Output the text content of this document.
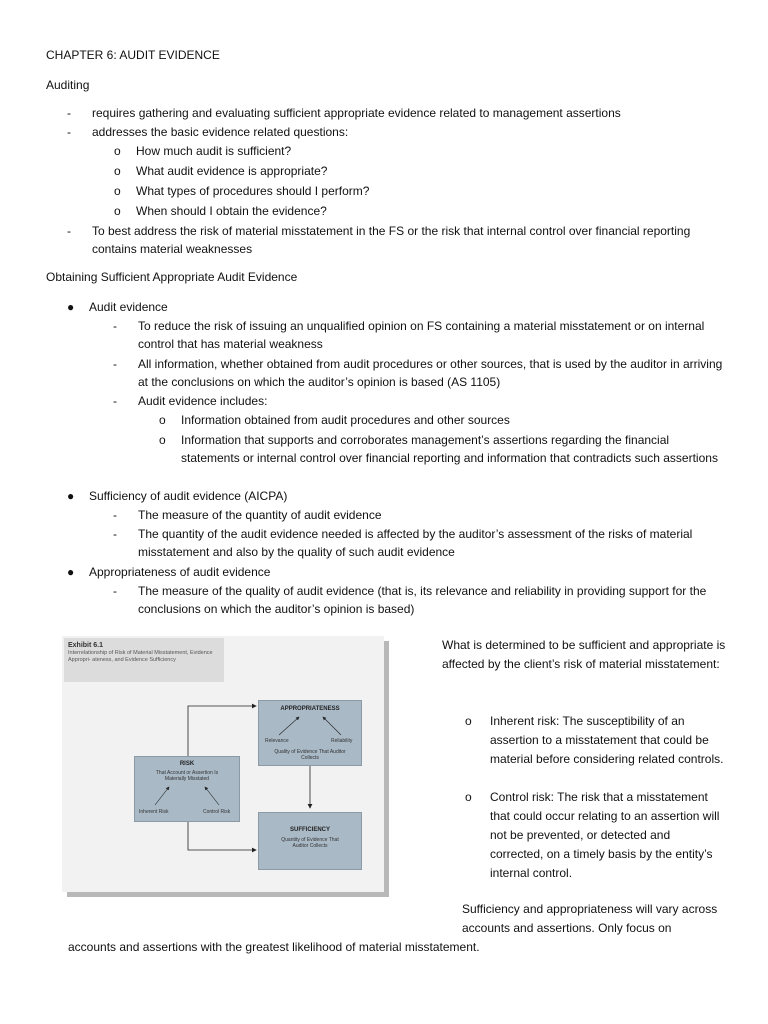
CHAPTER 6: AUDIT EVIDENCE
Auditing
-	requires gathering and evaluating sufficient appropriate evidence related to management assertions
-	addresses the basic evidence related questions:
o	How much audit is sufficient?
o	What audit evidence is appropriate?
o	What types of procedures should I perform?
o	When should I obtain the evidence?
-	To best address the risk of material misstatement in the FS or the risk that internal control over financial reporting contains material weaknesses
Obtaining Sufficient Appropriate Audit Evidence
●	Audit evidence
-	To reduce the risk of issuing an unqualified opinion on FS containing a material misstatement or on internal control that has material weakness
-	All information, whether obtained from audit procedures or other sources, that is used by the auditor in arriving at the conclusions on which the auditor’s opinion is based (AS 1105)
-	Audit evidence includes:
o	Information obtained from audit procedures and other sources
o	Information that supports and corroborates management’s assertions regarding the financial statements or internal control over financial reporting and information that contradicts such assertions
●	Sufficiency of audit evidence (AICPA)
-	The measure of the quantity of audit evidence
-	The quantity of the audit evidence needed is affected by the auditor’s assessment of the risks of material misstatement and also by the quality of such audit evidence
●	Appropriateness of audit evidence
-	The measure of the quality of audit evidence (that is, its relevance and reliability in providing support for the conclusions on which the auditor’s opinion is based)
Exhibit 6.1
Interrelationship of Risk of Material Misstatement, Evidence Appropri- ateness, and Evidence Sufficiency
APPROPRIATENESS
Relevance	Reliability
Quality of Evidence That Auditor Collects
RISK
That Account or Assertion Is Materially Misstated
Inherent Risk	Control Risk
SUFFICIENCY
Quantity of Evidence That Auditor Collects
What is determined to be sufficient and appropriate is affected by the client’s risk of material misstatement:
o	Inherent risk: The susceptibility of an assertion to a misstatement that could be material before considering related controls.
o	Control risk: The risk that a misstatement that could occur relating to an assertion will not be prevented, or detected and corrected, on a timely basis by the entity’s internal control.
Sufficiency and appropriateness will vary across accounts and assertions. Only focus on
accounts and assertions with the greatest likelihood of material misstatement.
